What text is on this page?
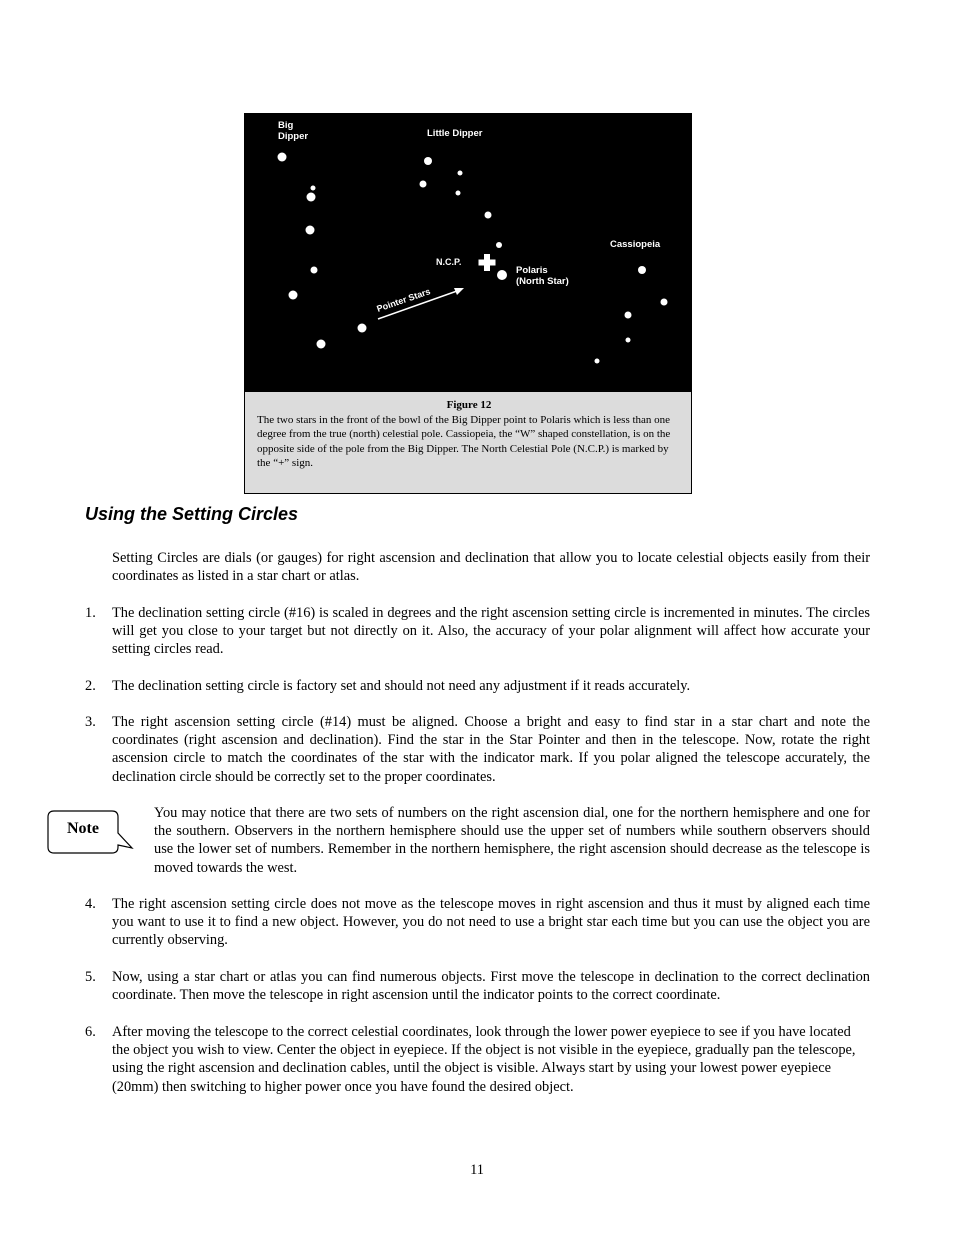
Big
Dipper	Little Dipper
Cassiopeia
N.C.P.
Polaris
(North Star)
Pointer Stars
Figure 12
The two stars in the front of the bowl of the Big Dipper point to Polaris which is less than one degree from the true (north) celestial pole. Cassiopeia, the “W” shaped constellation, is on the opposite side of the pole from the Big Dipper. The North Celestial Pole (N.C.P.) is marked by the “+” sign.
Using the Setting Circles

Setting Circles are dials (or gauges) for right ascension and declination that allow you to locate celestial objects easily from their coordinates as listed in a star chart or atlas.

1. The declination setting circle (#16) is scaled in degrees and the right ascension setting circle is incremented in minutes. The circles will get you close to your target but not directly on it. Also, the accuracy of your polar alignment will affect how accurate your setting circles read.

2. The declination setting circle is factory set and should not need any adjustment if it reads accurately.

3. The right ascension setting circle (#14) must be aligned. Choose a bright and easy to find star in a star chart and note the coordinates (right ascension and declination). Find the star in the Star Pointer and then in the telescope. Now, rotate the right ascension circle to match the coordinates of the star with the indicator mark. If you polar aligned the telescope accurately, the declination circle should be correctly set to the proper coordinates.

Note

You may notice that there are two sets of numbers on the right ascension dial, one for the northern hemisphere and one for the southern. Observers in the northern hemisphere should use the upper set of numbers while southern observers should use the lower set of numbers. Remember in the northern hemisphere, the right ascension should decrease as the telescope is moved towards the west.

4. The right ascension setting circle does not move as the telescope moves in right ascension and thus it must by aligned each time you want to use it to find a new object. However, you do not need to use a bright star each time but you can use the object you are currently observing.

5. Now, using a star chart or atlas you can find numerous objects. First move the telescope in declination to the correct declination coordinate. Then move the telescope in right ascension until the indicator points to the correct coordinate.

6. After moving the telescope to the correct celestial coordinates, look through the lower power eyepiece to see if you have located the object you wish to view. Center the object in eyepiece. If the object is not visible in the eyepiece, gradually pan the telescope, using the right ascension and declination cables, until the object is visible. Always start by using your lowest power eyepiece (20mm) then switching to higher power once you have found the desired object.

11
